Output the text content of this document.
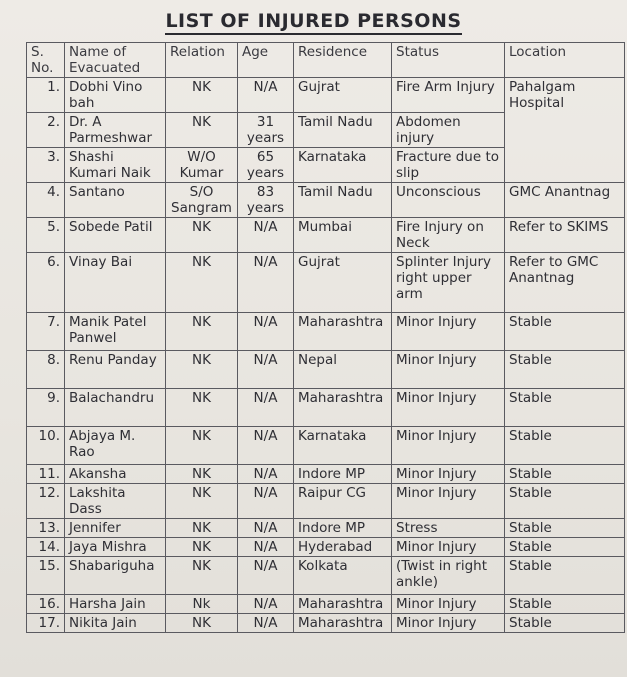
LIST OF INJURED PERSONS
S. No.	Name of Evacuated	Relation	Age	Residence	Status	Location
1.	Dobhi Vino bah	NK	N/A	Gujrat	Fire Arm Injury	Pahalgam Hospital
2.	Dr. A Parmeshwar	NK	31 years	Tamil Nadu	Abdomen injury	
3.	Shashi Kumari Naik	W/O Kumar	65 years	Karnataka	Fracture due to slip	
4.	Santano	S/O Sangram	83 years	Tamil Nadu	Unconscious	GMC Anantnag
5.	Sobede Patil	NK	N/A	Mumbai	Fire Injury on Neck	Refer to SKIMS
6.	Vinay Bai	NK	N/A	Gujrat	Splinter Injury right upper arm	Refer to GMC Anantnag
7.	Manik Patel Panwel	NK	N/A	Maharashtra	Minor Injury	Stable
8.	Renu Panday	NK	N/A	Nepal	Minor Injury	Stable
9.	Balachandru	NK	N/A	Maharashtra	Minor Injury	Stable
10.	Abjaya M. Rao	NK	N/A	Karnataka	Minor Injury	Stable
11.	Akansha	NK	N/A	Indore MP	Minor Injury	Stable
12.	Lakshita Dass	NK	N/A	Raipur CG	Minor Injury	Stable
13.	Jennifer	NK	N/A	Indore MP	Stress	Stable
14.	Jaya Mishra	NK	N/A	Hyderabad	Minor Injury	Stable
15.	Shabariguha	NK	N/A	Kolkata	(Twist in right ankle)	Stable
16.	Harsha Jain	Nk	N/A	Maharashtra	Minor Injury	Stable
17.	Nikita Jain	NK	N/A	Maharashtra	Minor Injury	Stable
